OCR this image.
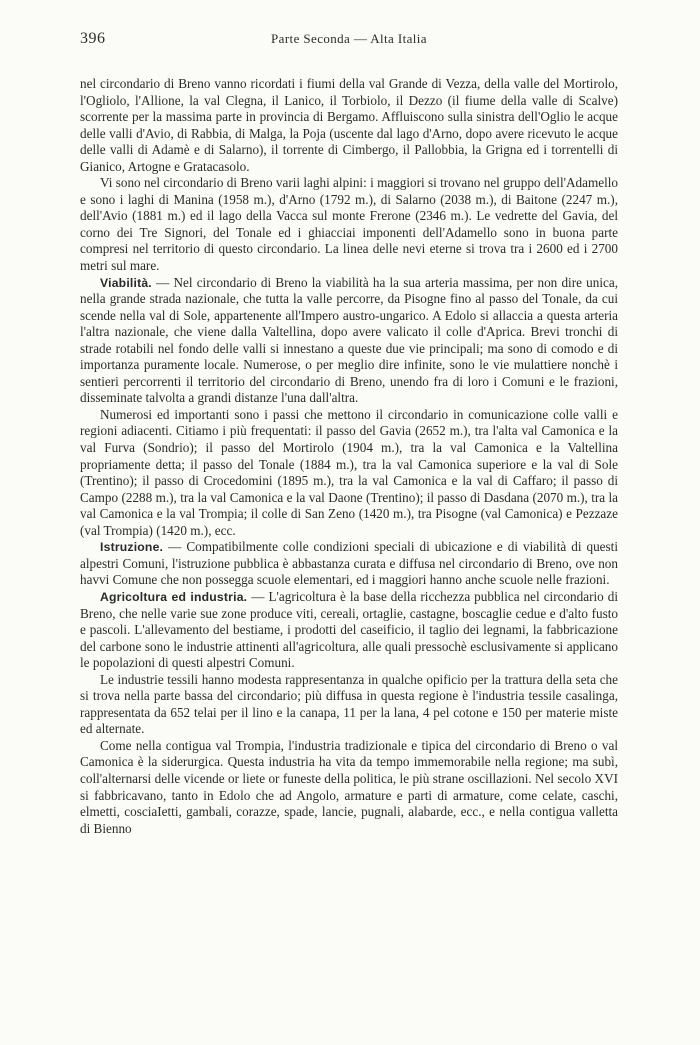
396	Parte Seconda — Alta Italia

nel circondario di Breno vanno ricordati i fiumi della val Grande di Vezza, della valle del Mortirolo, l'Ogliolo, l'Allione, la val Clegna, il Lanico, il Torbiolo, il Dezzo (il fiume della valle di Scalve) scorrente per la massima parte in provincia di Bergamo. Affluiscono sulla sinistra dell'Oglio le acque delle valli d'Avio, di Rabbia, di Malga, la Poja (uscente dal lago d'Arno, dopo avere ricevuto le acque delle valli di Adamè e di Salarno), il torrente di Cimbergo, il Pallobbia, la Grigna ed i torrentelli di Gianico, Artogne e Gratacasolo.

Vi sono nel circondario di Breno varii laghi alpini: i maggiori si trovano nel gruppo dell'Adamello e sono i laghi di Manina (1958 m.), d'Arno (1792 m.), di Salarno (2038 m.), di Baitone (2247 m.), dell'Avio (1881 m.) ed il lago della Vacca sul monte Frerone (2346 m.). Le vedrette del Gavia, del corno dei Tre Signori, del Tonale ed i ghiacciai imponenti dell'Adamello sono in buona parte compresi nel territorio di questo circondario. La linea delle nevi eterne si trova tra i 2600 ed i 2700 metri sul mare.

Viabilità. — Nel circondario di Breno la viabilità ha la sua arteria massima, per non dire unica, nella grande strada nazionale, che tutta la valle percorre, da Pisogne fino al passo del Tonale, da cui scende nella val di Sole, appartenente all'Impero austro-ungarico. A Edolo si allaccia a questa arteria l'altra nazionale, che viene dalla Valtellina, dopo avere valicato il colle d'Aprica. Brevi tronchi di strade rotabili nel fondo delle valli si innestano a queste due vie principali; ma sono di comodo e di importanza puramente locale. Numerose, o per meglio dire infinite, sono le vie mulattiere nonchè i sentieri percorrenti il territorio del circondario di Breno, unendo fra di loro i Comuni e le frazioni, disseminate talvolta a grandi distanze l'una dall'altra.

Numerosi ed importanti sono i passi che mettono il circondario in comunicazione colle valli e regioni adiacenti. Citiamo i più frequentati: il passo del Gavia (2652 m.), tra l'alta val Camonica e la val Furva (Sondrio); il passo del Mortirolo (1904 m.), tra la val Camonica e la Valtellina propriamente detta; il passo del Tonale (1884 m.), tra la val Camonica superiore e la val di Sole (Trentino); il passo di Crocedomini (1895 m.), tra la val Camonica e la val di Caffaro; il passo di Campo (2288 m.), tra la val Camonica e la val Daone (Trentino); il passo di Dasdana (2070 m.), tra la val Camonica e la val Trompia; il colle di San Zeno (1420 m.), tra Pisogne (val Camonica) e Pezzaze (val Trompia) (1420 m.), ecc.

Istruzione. — Compatibilmente colle condizioni speciali di ubicazione e di viabilità di questi alpestri Comuni, l'istruzione pubblica è abbastanza curata e diffusa nel circondario di Breno, ove non havvi Comune che non possegga scuole elementari, ed i maggiori hanno anche scuole nelle frazioni.

Agricoltura ed industria. — L'agricoltura è la base della ricchezza pubblica nel circondario di Breno, che nelle varie sue zone produce viti, cereali, ortaglie, castagne, boscaglie cedue e d'alto fusto e pascoli. L'allevamento del bestiame, i prodotti del caseificio, il taglio dei legnami, la fabbricazione del carbone sono le industrie attinenti all'agricoltura, alle quali pressochè esclusivamente si applicano le popolazioni di questi alpestri Comuni.

Le industrie tessili hanno modesta rappresentanza in qualche opificio per la trattura della seta che si trova nella parte bassa del circondario; più diffusa in questa regione è l'industria tessile casalinga, rappresentata da 652 telai per il lino e la canapa, 11 per la lana, 4 pel cotone e 150 per materie miste ed alternate.

Come nella contigua val Trompia, l'industria tradizionale e tipica del circondario di Breno o val Camonica è la siderurgica. Questa industria ha vita da tempo immemorabile nella regione; ma subì, coll'alternarsi delle vicende or liete or funeste della politica, le più strane oscillazioni. Nel secolo XVI si fabbricavano, tanto in Edolo che ad Angolo, armature e parti di armature, come celate, caschi, elmetti, cosciaIetti, gambali, corazze, spade, lancie, pugnali, alabarde, ecc., e nella contigua valletta di Bienno
